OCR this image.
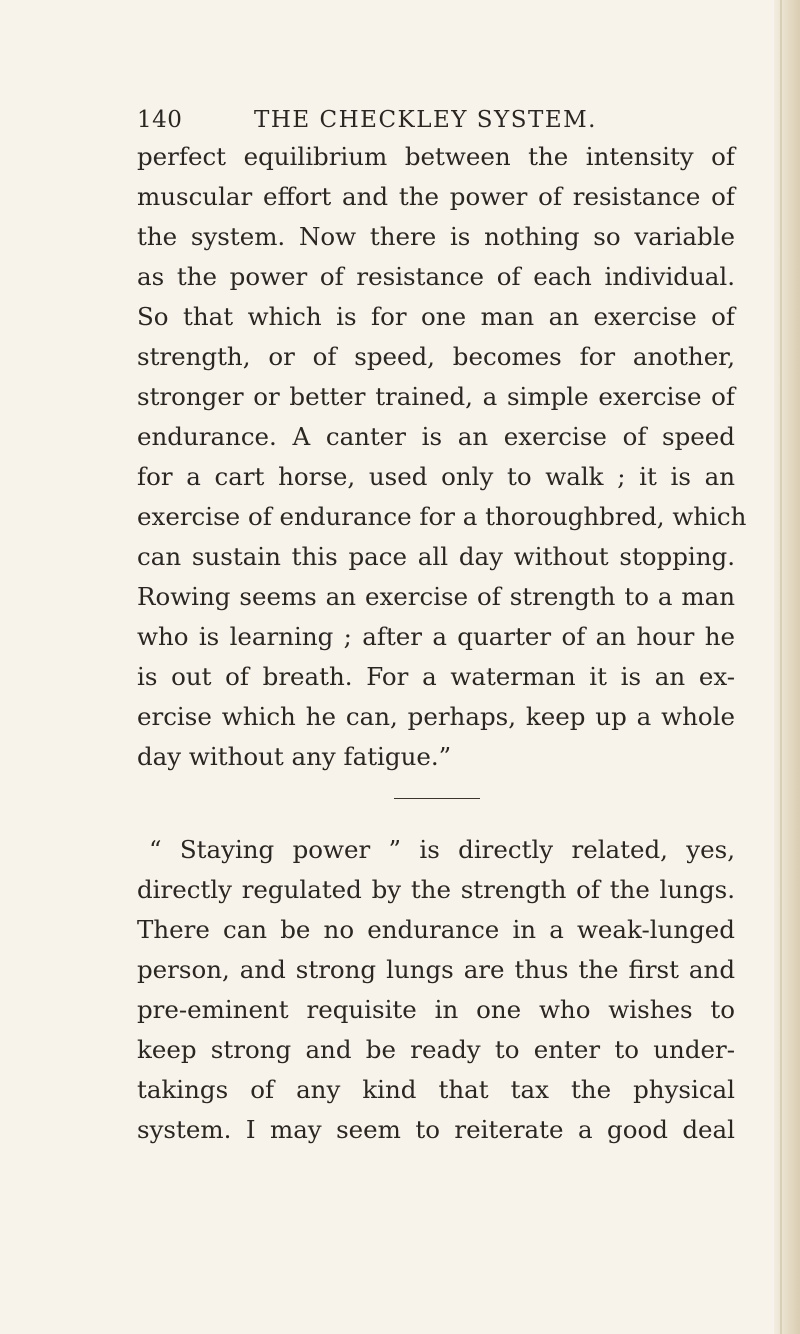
140	THE CHECKLEY SYSTEM.
perfect equilibrium between the intensity of
muscular effort and the power of resistance of
the system. Now there is nothing so variable
as the power of resistance of each individual.
So that which is for one man an exercise of
strength, or of speed, becomes for another,
stronger or better trained, a simple exercise of
endurance. A canter is an exercise of speed
for a cart horse, used only to walk ; it is an
exercise of endurance for a thoroughbred, which
can sustain this pace all day without stopping.
Rowing seems an exercise of strength to a man
who is learning ; after a quarter of an hour he
is out of breath. For a waterman it is an ex-
ercise which he can, perhaps, keep up a whole
day without any fatigue.”
“ Staying power ” is directly related, yes,
directly regulated by the strength of the lungs.
There can be no endurance in a weak-lunged
person, and strong lungs are thus the first and
pre-eminent requisite in one who wishes to
keep strong and be ready to enter to under-
takings of any kind that tax the physical
system. I may seem to reiterate a good deal
